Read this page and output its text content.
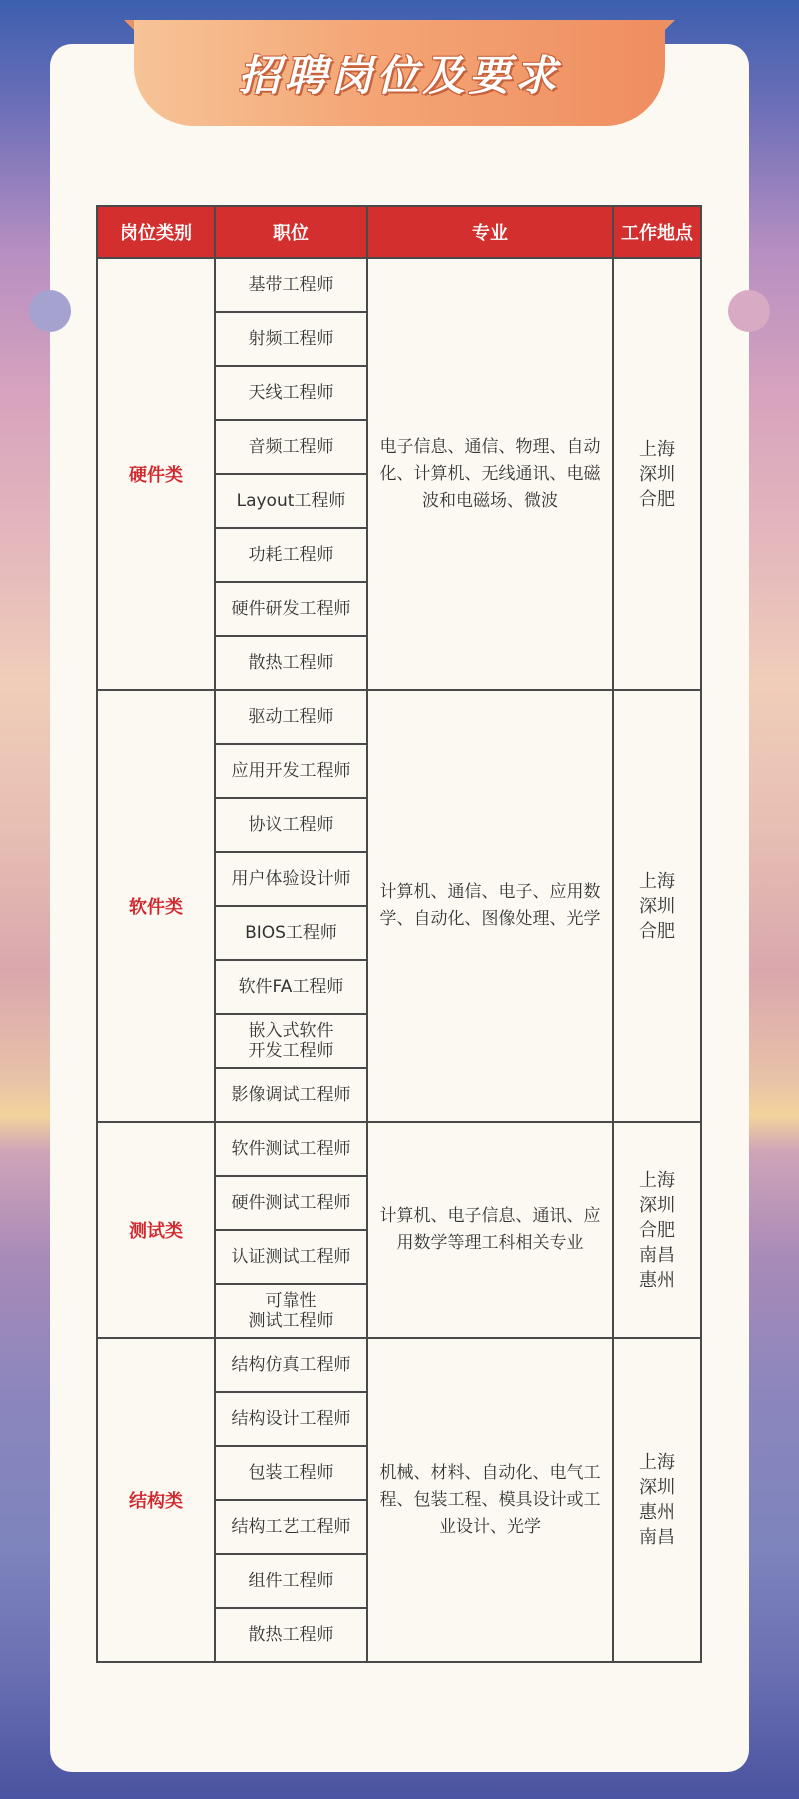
招聘岗位及要求
岗位类别	职位	专业	工作地点
硬件类	基带工程师	电子信息、通信、物理、自动化、计算机、无线通讯、电磁波和电磁场、微波	上海
深圳
合肥

	射频工程师		

	天线工程师		

	音频工程师		

	Layout工程师		

	功耗工程师		

	硬件研发工程师		

	散热工程师		

软件类	驱动工程师	计算机、通信、电子、应用数学、自动化、图像处理、光学	上海
深圳
合肥

	应用开发工程师		

	协议工程师		

	用户体验设计师		

	BIOS工程师		

	软件FA工程师		

	嵌入式软件
开发工程师		

	影像调试工程师		

测试类	软件测试工程师	计算机、电子信息、通讯、应用数学等理工科相关专业	上海
深圳
合肥
南昌
惠州

	硬件测试工程师		

	认证测试工程师		

	可靠性
测试工程师		

结构类	结构仿真工程师	机械、材料、自动化、电气工程、包装工程、模具设计或工业设计、光学	上海
深圳
惠州
南昌

	结构设计工程师		

	包装工程师		

	结构工艺工程师		

	组件工程师		

	散热工程师		
